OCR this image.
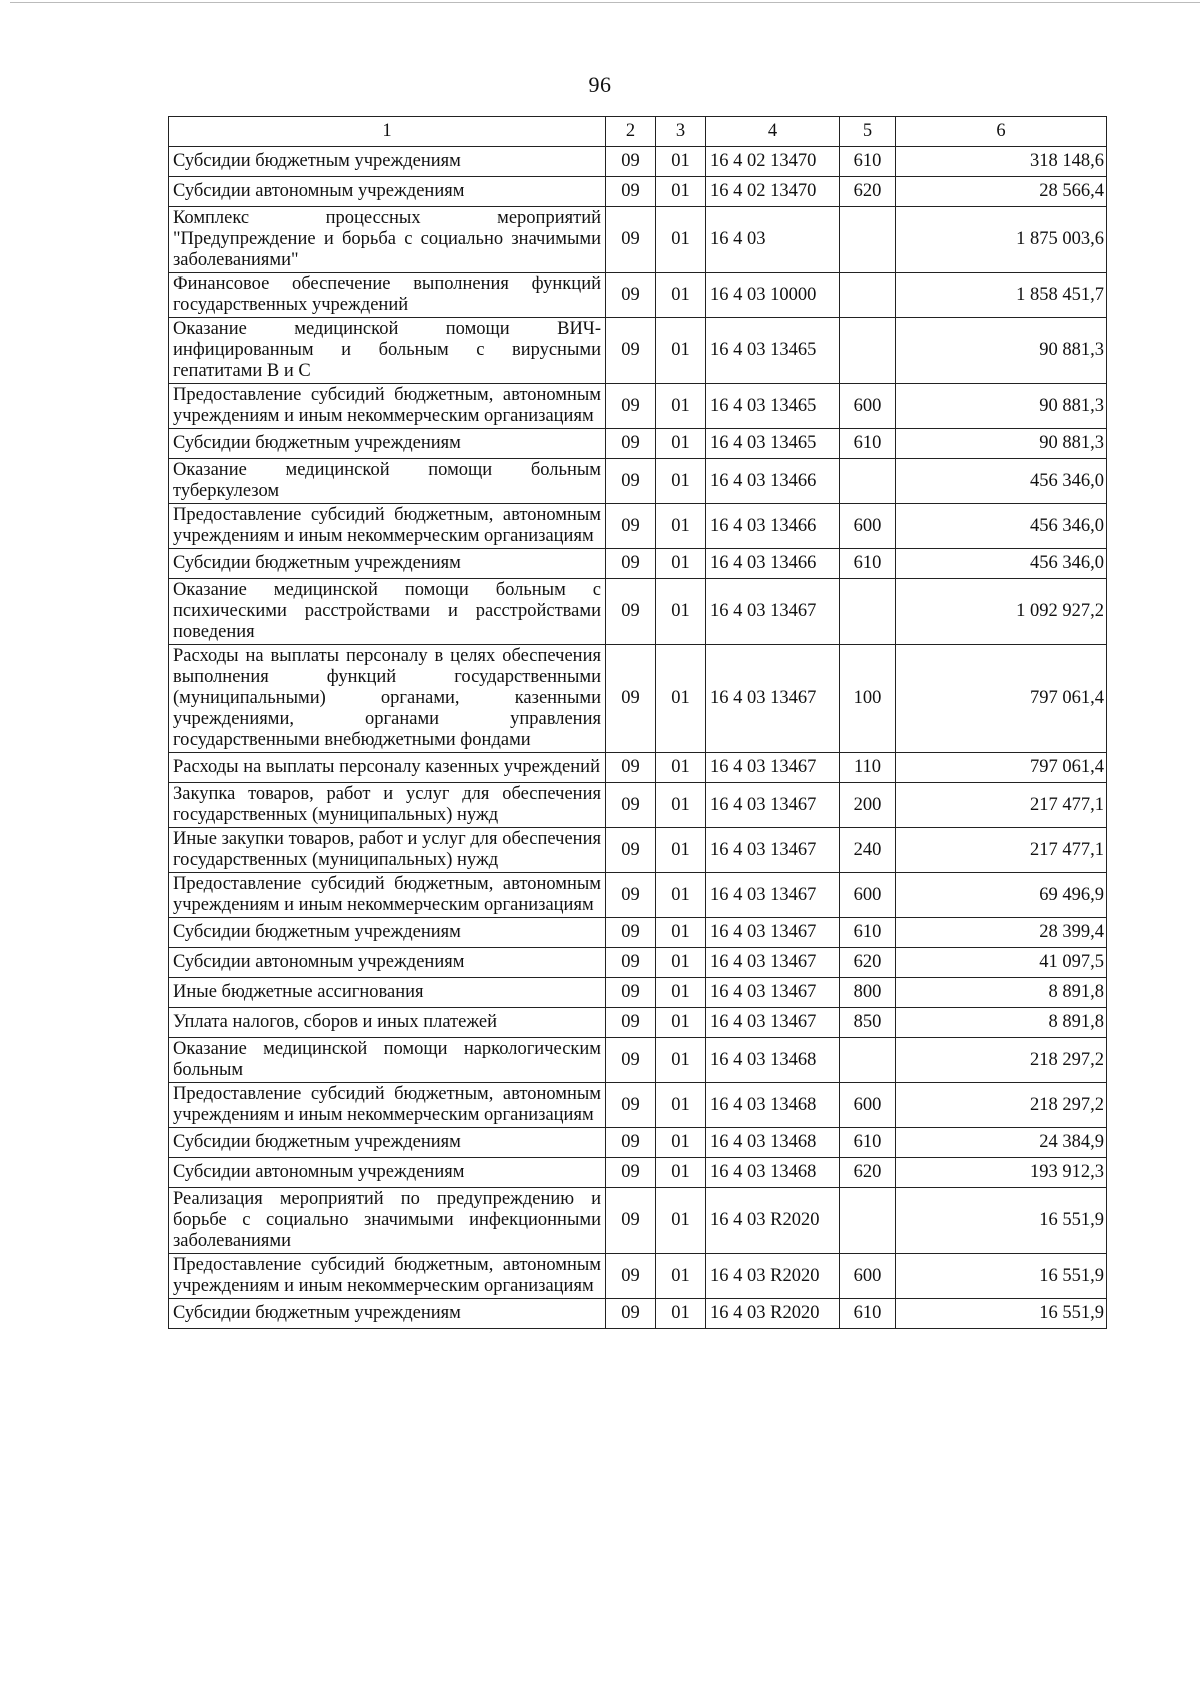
96
1	2	3	4	5	6
Субсидии бюджетным учреждениям	09	01	16 4 02 13470	610	318 148,6
Субсидии автономным учреждениям	09	01	16 4 02 13470	620	28 566,4
Комплекс процессных мероприятий "Предупреждение и борьба с социально значимыми заболеваниями"	09	01	16 4 03		1 875 003,6
Финансовое обеспечение выполнения функций государственных учреждений	09	01	16 4 03 10000		1 858 451,7
Оказание медицинской помощи ВИЧ-инфицированным и больным с вирусными гепатитами В и С	09	01	16 4 03 13465		90 881,3
Предоставление субсидий бюджетным, автономным учреждениям и иным некоммерческим организациям	09	01	16 4 03 13465	600	90 881,3
Субсидии бюджетным учреждениям	09	01	16 4 03 13465	610	90 881,3
Оказание медицинской помощи больным туберкулезом	09	01	16 4 03 13466		456 346,0
Предоставление субсидий бюджетным, автономным учреждениям и иным некоммерческим организациям	09	01	16 4 03 13466	600	456 346,0
Субсидии бюджетным учреждениям	09	01	16 4 03 13466	610	456 346,0
Оказание медицинской помощи больным с психическими расстройствами и расстройствами поведения	09	01	16 4 03 13467		1 092 927,2
Расходы на выплаты персоналу в целях обеспечения выполнения функций государственными (муниципальными) органами, казенными учреждениями, органами управления государственными внебюджетными фондами	09	01	16 4 03 13467	100	797 061,4
Расходы на выплаты персоналу казенных учреждений	09	01	16 4 03 13467	110	797 061,4
Закупка товаров, работ и услуг для обеспечения государственных (муниципальных) нужд	09	01	16 4 03 13467	200	217 477,1
Иные закупки товаров, работ и услуг для обеспечения государственных (муниципальных) нужд	09	01	16 4 03 13467	240	217 477,1
Предоставление субсидий бюджетным, автономным учреждениям и иным некоммерческим организациям	09	01	16 4 03 13467	600	69 496,9
Субсидии бюджетным учреждениям	09	01	16 4 03 13467	610	28 399,4
Субсидии автономным учреждениям	09	01	16 4 03 13467	620	41 097,5
Иные бюджетные ассигнования	09	01	16 4 03 13467	800	8 891,8
Уплата налогов, сборов и иных платежей	09	01	16 4 03 13467	850	8 891,8
Оказание медицинской помощи наркологическим больным	09	01	16 4 03 13468		218 297,2
Предоставление субсидий бюджетным, автономным учреждениям и иным некоммерческим организациям	09	01	16 4 03 13468	600	218 297,2
Субсидии бюджетным учреждениям	09	01	16 4 03 13468	610	24 384,9
Субсидии автономным учреждениям	09	01	16 4 03 13468	620	193 912,3
Реализация мероприятий по предупреждению и борьбе с социально значимыми инфекционными заболеваниями	09	01	16 4 03 R2020		16 551,9
Предоставление субсидий бюджетным, автономным учреждениям и иным некоммерческим организациям	09	01	16 4 03 R2020	600	16 551,9
Субсидии бюджетным учреждениям	09	01	16 4 03 R2020	610	16 551,9
